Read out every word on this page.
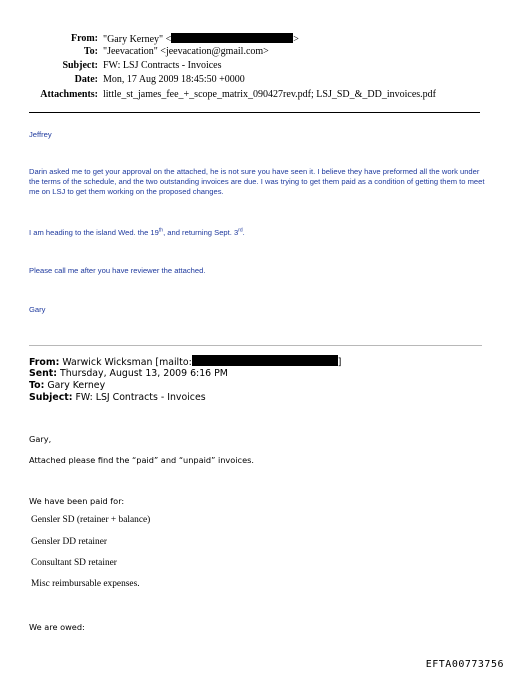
From: "Gary Kerney" <	>
To: "Jeevacation" <jeevacation@gmail.com>
Subject: FW: LSJ Contracts - Invoices
Date: Mon, 17 Aug 2009 18:45:50 +0000
Attachments: little_st_james_fee_+_scope_matrix_090427rev.pdf; LSJ_SD_&_DD_invoices.pdf
Jeffrey
Darin asked me to get your approval on the attached, he is not sure you have seen it. I believe they have preformed all the work under the terms of the schedule, and the two outstanding invoices are due. I was trying to get them paid as a condition of getting them to meet me on LSJ to get them working on the proposed changes.
I am heading to the island Wed. the 19th, and returning Sept. 3rd.
Please call me after you have reviewer the attached.
Gary
From: Warwick Wicksman [mailto:	]
Sent: Thursday, August 13, 2009 6:16 PM
To: Gary Kerney
Subject: FW: LSJ Contracts - Invoices
Gary,
Attached please find the “paid” and “unpaid” invoices.
We have been paid for:
Gensler SD (retainer + balance)
Gensler DD retainer
Consultant SD retainer
Misc reimbursable expenses.
We are owed:
EFTA00773756
